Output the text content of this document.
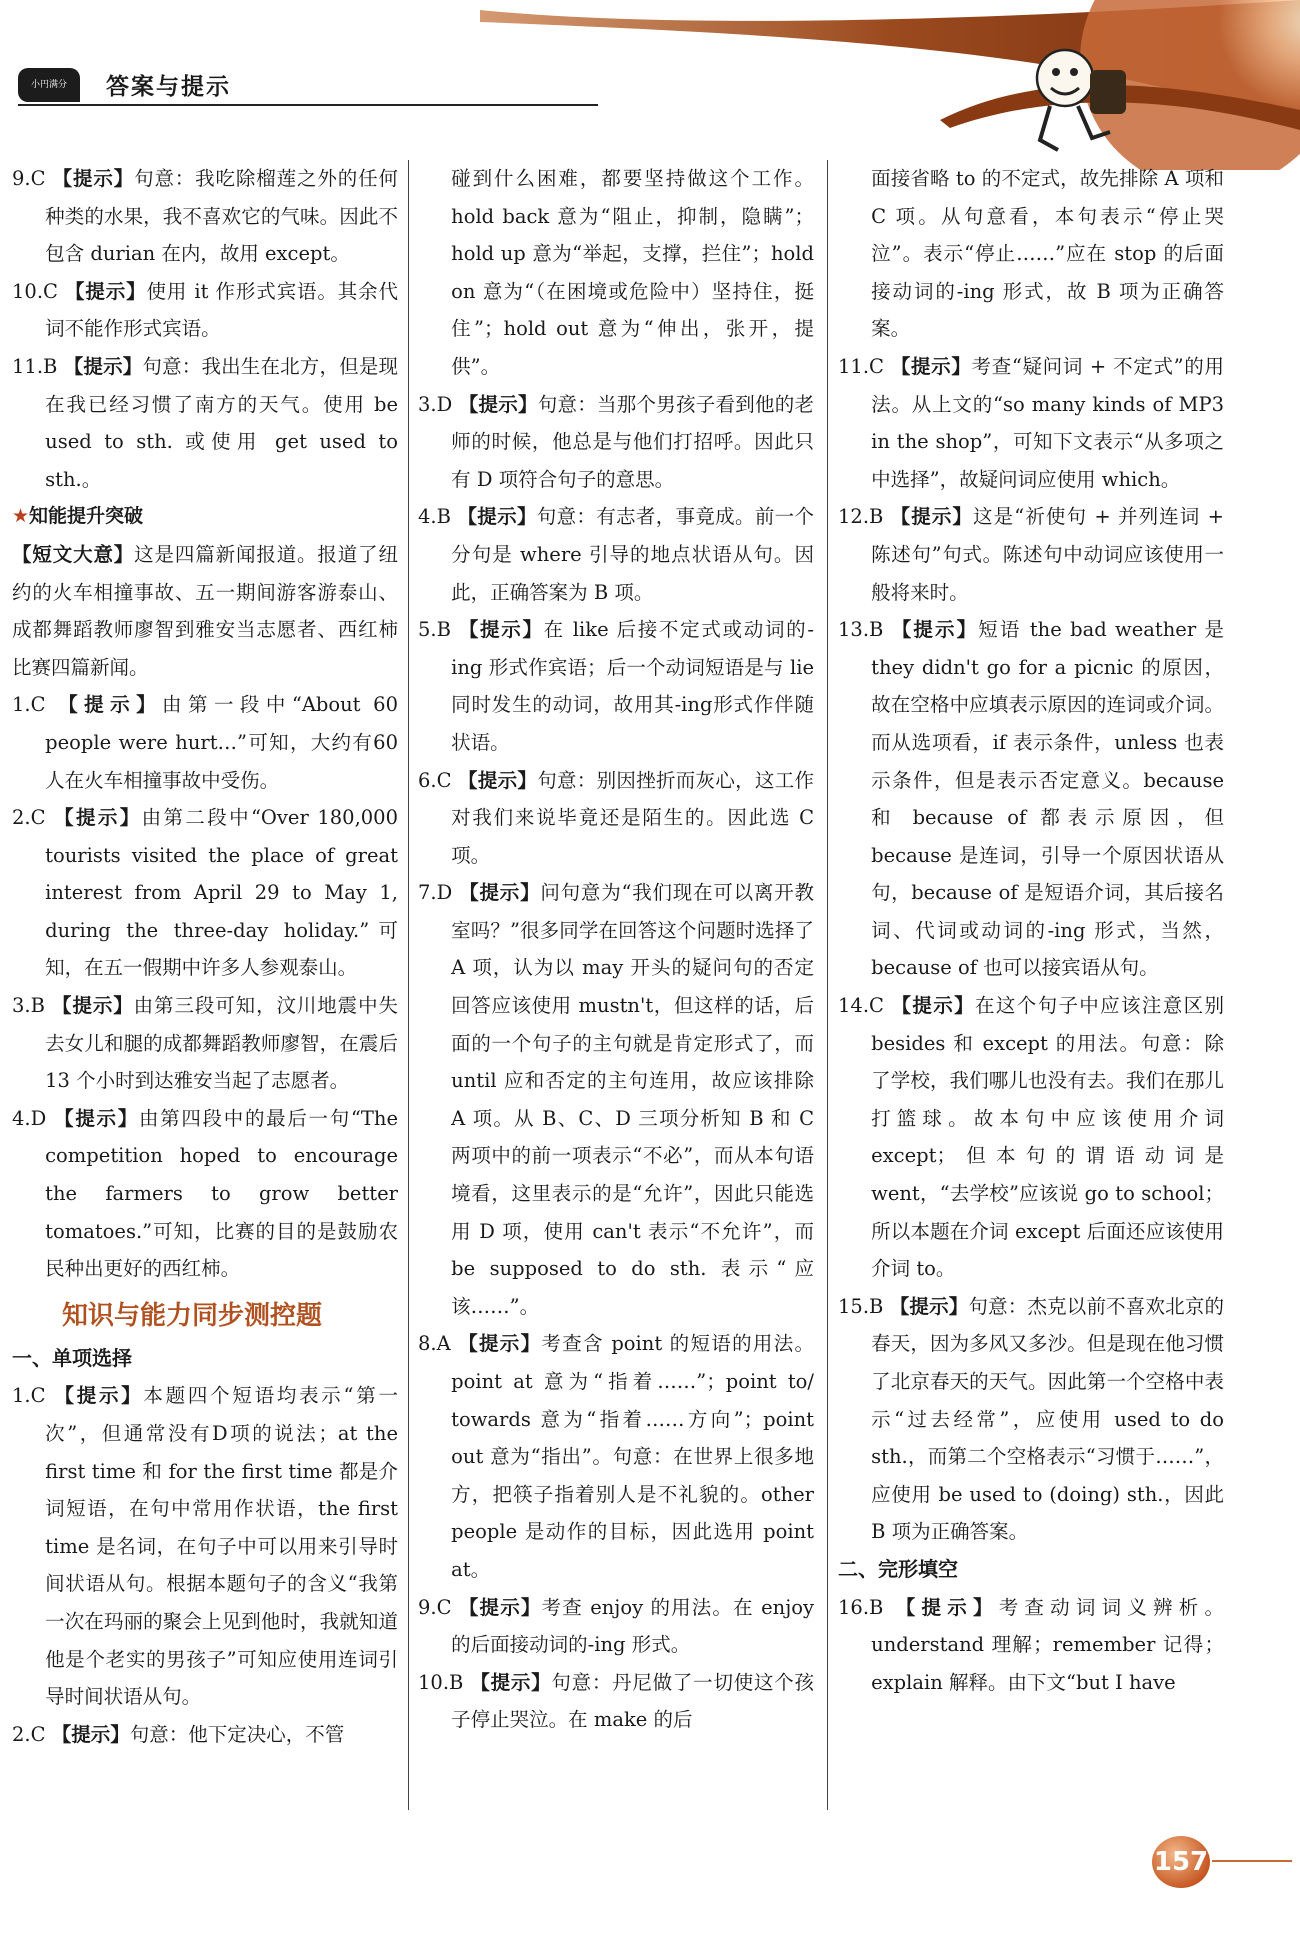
小円满分	答案与提示

9.C 【提示】句意：我吃除榴莲之外的任何种类的水果，我不喜欢它的气味。因此不包含 durian 在内，故用 except。

10.C 【提示】使用 it 作形式宾语。其余代词不能作形式宾语。

11.B 【提示】句意：我出生在北方，但是现在我已经习惯了南方的天气。使用 be used to sth. 或使用 get used to sth.。

★知能提升突破

【短文大意】这是四篇新闻报道。报道了纽约的火车相撞事故、五一期间游客游泰山、成都舞蹈教师廖智到雅安当志愿者、西红柿比赛四篇新闻。

1.C 【提示】由第一段中“About 60 people were hurt…”可知，大约有60人在火车相撞事故中受伤。

2.C 【提示】由第二段中“Over 180,000 tourists visited the place of great interest from April 29 to May 1, during the three-day holiday.”可知，在五一假期中许多人参观泰山。

3.B 【提示】由第三段可知，汶川地震中失去女儿和腿的成都舞蹈教师廖智，在震后 13 个小时到达雅安当起了志愿者。

4.D 【提示】由第四段中的最后一句“The competition hoped to encourage the farmers to grow better tomatoes.”可知，比赛的目的是鼓励农民种出更好的西红柿。

知识与能力同步测控题

一、单项选择

1.C 【提示】本题四个短语均表示“第一次”，但通常没有D项的说法；at the first time 和 for the first time 都是介词短语，在句中常用作状语，the first time 是名词，在句子中可以用来引导时间状语从句。根据本题句子的含义“我第一次在玛丽的聚会上见到他时，我就知道他是个老实的男孩子”可知应使用连词引导时间状语从句。

2.C 【提示】句意：他下定决心，不管

碰到什么困难，都要坚持做这个工作。hold back 意为“阻止，抑制，隐瞒”；hold up 意为“举起，支撑，拦住”；hold on 意为“（在困境或危险中）坚持住，挺住”；hold out 意为“伸出，张开，提供”。

3.D 【提示】句意：当那个男孩子看到他的老师的时候，他总是与他们打招呼。因此只有 D 项符合句子的意思。

4.B 【提示】句意：有志者，事竟成。前一个分句是 where 引导的地点状语从句。因此，正确答案为 B 项。

5.B 【提示】在 like 后接不定式或动词的-ing 形式作宾语；后一个动词短语是与 lie 同时发生的动词，故用其-ing形式作伴随状语。

6.C 【提示】句意：别因挫折而灰心，这工作对我们来说毕竟还是陌生的。因此选 C 项。

7.D 【提示】问句意为“我们现在可以离开教室吗？”很多同学在回答这个问题时选择了 A 项，认为以 may 开头的疑问句的否定回答应该使用 mustn't，但这样的话，后面的一个句子的主句就是肯定形式了，而 until 应和否定的主句连用，故应该排除 A 项。从 B、C、D 三项分析知 B 和 C 两项中的前一项表示“不必”，而从本句语境看，这里表示的是“允许”，因此只能选用 D 项，使用 can't 表示“不允许”，而 be supposed to do sth. 表示“应该……”。

8.A 【提示】考查含 point 的短语的用法。point at 意为“指着……”；point to/ towards 意为“指着……方向”；point out 意为“指出”。句意：在世界上很多地方，把筷子指着别人是不礼貌的。other people 是动作的目标，因此选用 point at。

9.C 【提示】考查 enjoy 的用法。在 enjoy 的后面接动词的-ing 形式。

10.B 【提示】句意：丹尼做了一切使这个孩子停止哭泣。在 make 的后

面接省略 to 的不定式，故先排除 A 项和 C 项。从句意看，本句表示“停止哭泣”。表示“停止……”应在 stop 的后面接动词的-ing 形式，故 B 项为正确答案。

11.C 【提示】考查“疑问词 + 不定式”的用法。从上文的“so many kinds of MP3 in the shop”，可知下文表示“从多项之中选择”，故疑问词应使用 which。

12.B 【提示】这是“祈使句 + 并列连词 + 陈述句”句式。陈述句中动词应该使用一般将来时。

13.B 【提示】短语 the bad weather 是 they didn't go for a picnic 的原因，故在空格中应填表示原因的连词或介词。而从选项看，if 表示条件，unless 也表示条件，但是表示否定意义。because 和 because of 都表示原因，但 because 是连词，引导一个原因状语从句，because of 是短语介词，其后接名词、代词或动词的-ing 形式，当然，because of 也可以接宾语从句。

14.C 【提示】在这个句子中应该注意区别 besides 和 except 的用法。句意：除了学校，我们哪儿也没有去。我们在那儿打篮球。故本句中应该使用介词 except；但本句的谓语动词是 went，“去学校”应该说 go to school；所以本题在介词 except 后面还应该使用介词 to。

15.B 【提示】句意：杰克以前不喜欢北京的春天，因为多风又多沙。但是现在他习惯了北京春天的天气。因此第一个空格中表示“过去经常”，应使用 used to do sth.，而第二个空格表示“习惯于……”，应使用 be used to (doing) sth.，因此 B 项为正确答案。

二、完形填空

16.B 【提示】考查动词词义辨析。understand 理解；remember 记得；explain 解释。由下文“but I have

157
